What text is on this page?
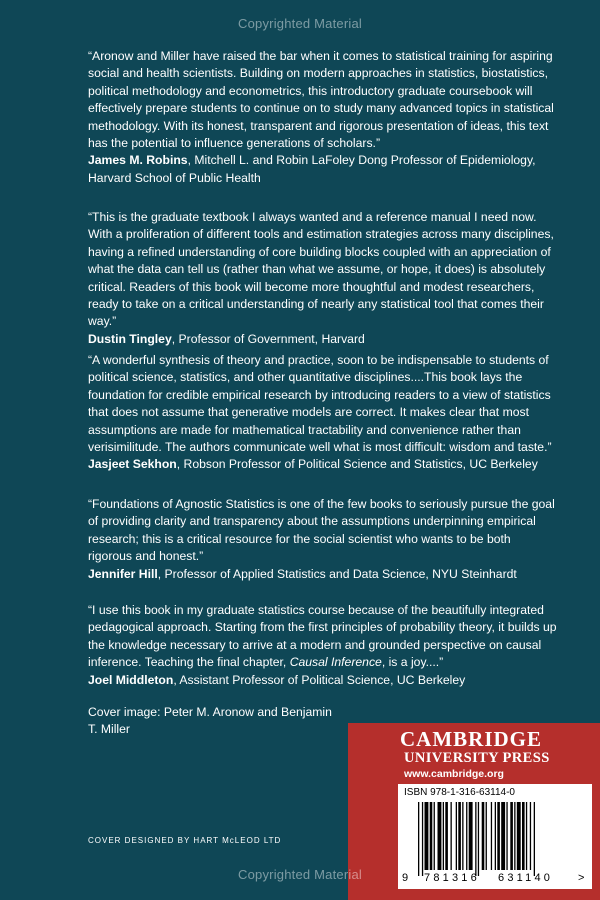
Copyrighted Material

“Aronow and Miller have raised the bar when it comes to statistical training for aspiring social and health scientists. Building on modern approaches in statistics, biostatistics, political methodology and econometrics, this introductory graduate coursebook will effectively prepare students to continue on to study many advanced topics in statistical methodology. With its honest, transparent and rigorous presentation of ideas, this text has the potential to influence generations of scholars.”

James M. Robins, Mitchell L. and Robin LaFoley Dong Professor of Epidemiology, Harvard School of Public Health

“This is the graduate textbook I always wanted and a reference manual I need now. With a proliferation of different tools and estimation strategies across many disciplines, having a refined understanding of core building blocks coupled with an appreciation of what the data can tell us (rather than what we assume, or hope, it does) is absolutely critical. Readers of this book will become more thoughtful and modest researchers, ready to take on a critical understanding of nearly any statistical tool that comes their way.”

Dustin Tingley, Professor of Government, Harvard

“A wonderful synthesis of theory and practice, soon to be indispensable to students of political science, statistics, and other quantitative disciplines....This book lays the foundation for credible empirical research by introducing readers to a view of statistics that does not assume that generative models are correct. It makes clear that most assumptions are made for mathematical tractability and convenience rather than verisimilitude. The authors communicate well what is most difficult: wisdom and taste.”

Jasjeet Sekhon, Robson Professor of Political Science and Statistics, UC Berkeley

“Foundations of Agnostic Statistics is one of the few books to seriously pursue the goal of providing clarity and transparency about the assumptions underpinning empirical research; this is a critical resource for the social scientist who wants to be both rigorous and honest.”

Jennifer Hill, Professor of Applied Statistics and Data Science, NYU Steinhardt

“I use this book in my graduate statistics course because of the beautifully integrated pedagogical approach. Starting from the first principles of probability theory, it builds up the knowledge necessary to arrive at a modern and grounded perspective on causal inference. Teaching the final chapter, Causal Inference, is a joy....”

Joel Middleton, Assistant Professor of Political Science, UC Berkeley

Cover image: Peter M. Aronow and Benjamin T. Miller
COVER DESIGNED BY HART McLEOD LTD
CAMBRIDGE
UNIVERSITY PRESS
www.cambridge.org
ISBN 978-1-316-63114-0
9 781316 631140 >
Copyrighted Material
